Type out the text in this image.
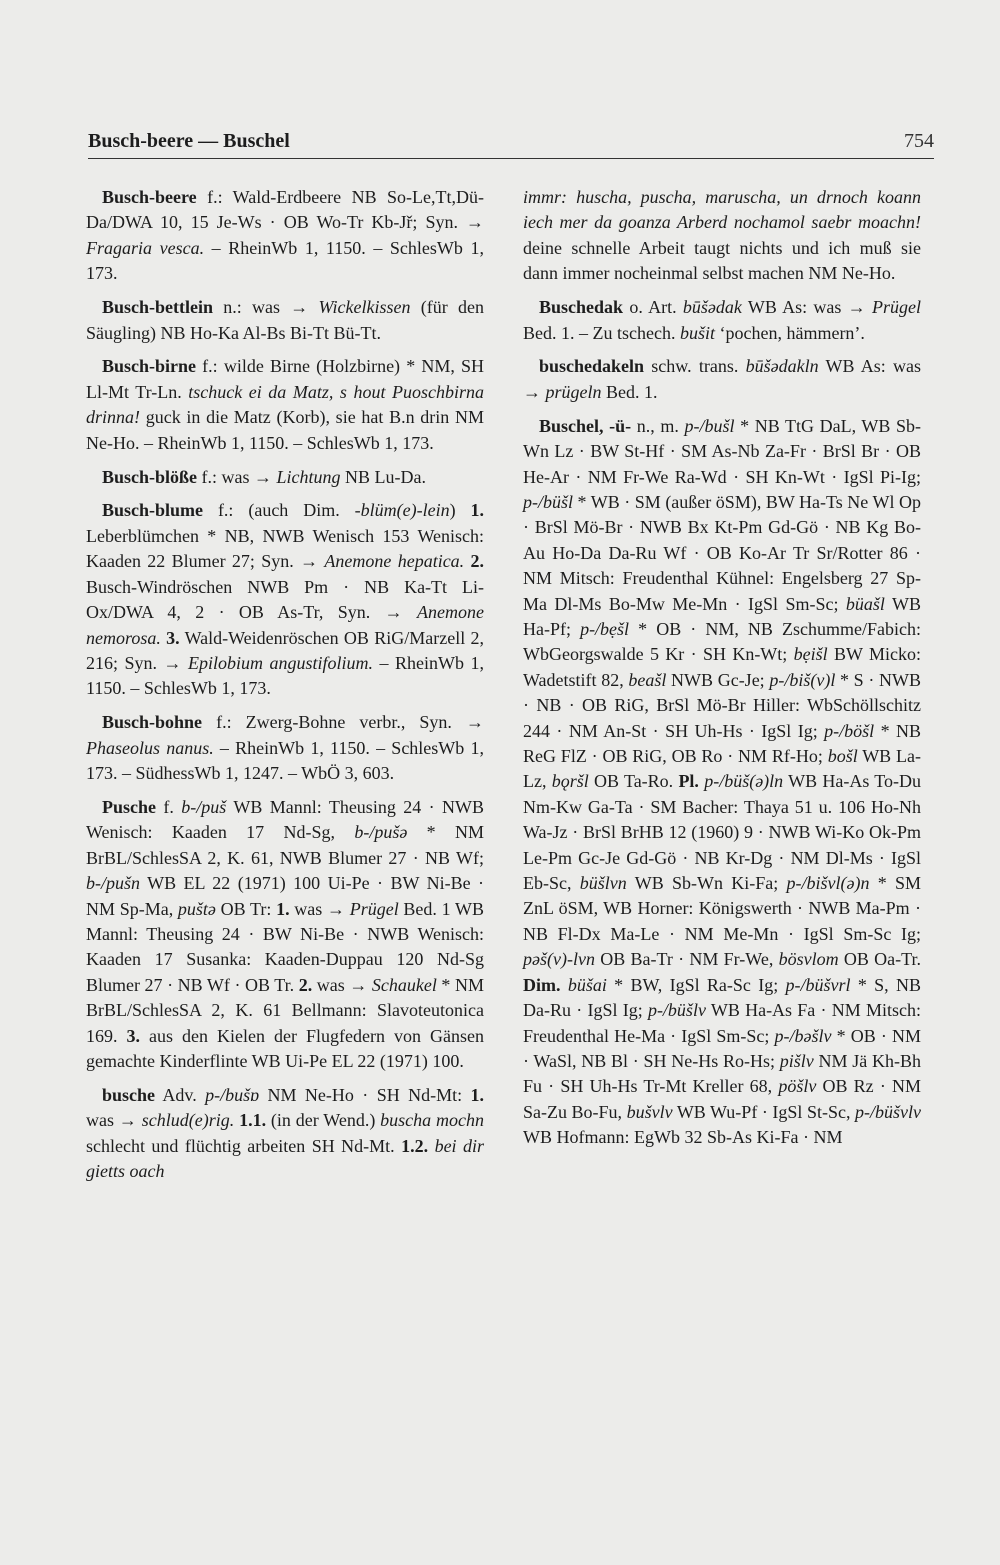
Busch-beere — Buschel	754

Busch-beere f.: Wald-Erdbeere NB So-Le,Tt,Dü-Da/DWA 10, 15 Je-Ws · OB Wo-Tr Kb-Jř; Syn. → Fragaria vesca. – RheinWb 1, 1150. – SchlesWb 1, 173.

Busch-bettlein n.: was → Wickelkissen (für den Säugling) NB Ho-Ka Al-Bs Bi-Tt Bü-Tt.

Busch-birne f.: wilde Birne (Holzbirne) * NM, SH Ll-Mt Tr-Ln. tschuck ei da Matz, s hout Puoschbirna drinna! guck in die Matz (Korb), sie hat B.n drin NM Ne-Ho. – RheinWb 1, 1150. – SchlesWb 1, 173.

Busch-blöße f.: was → Lichtung NB Lu-Da.

Busch-blume f.: (auch Dim. -blüm(e)-lein) 1. Leberblümchen * NB, NWB Wenisch 153 Wenisch: Kaaden 22 Blumer 27; Syn. → Anemone hepatica. 2. Busch-Windröschen NWB Pm · NB Ka-Tt Li-Ox/DWA 4, 2 · OB As-Tr, Syn. → Anemone nemorosa. 3. Wald-Weidenröschen OB RiG/Marzell 2, 216; Syn. → Epilobium angustifolium. – RheinWb 1, 1150. – SchlesWb 1, 173.

Busch-bohne f.: Zwerg-Bohne verbr., Syn. → Phaseolus nanus. – RheinWb 1, 1150. – SchlesWb 1, 173. – SüdhessWb 1, 1247. – WbÖ 3, 603.

Pusche f. b-/puš WB Mannl: Theusing 24 · NWB Wenisch: Kaaden 17 Nd-Sg, b-/pušə * NM BrBL/SchlesSA 2, K. 61, NWB Blumer 27 · NB Wf; b-/pušn WB EL 22 (1971) 100 Ui-Pe · BW Ni-Be · NM Sp-Ma, puštə OB Tr: 1. was → Prügel Bed. 1 WB Mannl: Theusing 24 · BW Ni-Be · NWB Wenisch: Kaaden 17 Susanka: Kaaden-Duppau 120 Nd-Sg Blumer 27 · NB Wf · OB Tr. 2. was → Schaukel * NM BrBL/SchlesSA 2, K. 61 Bellmann: Slavoteutonica 169. 3. aus den Kielen der Flugfedern von Gänsen gemachte Kinderflinte WB Ui-Pe EL 22 (1971) 100.

busche Adv. p-/bušɒ NM Ne-Ho · SH Nd-Mt: 1. was → schlud(e)rig. 1.1. (in der Wend.) buscha mochn schlecht und flüchtig arbeiten SH Nd-Mt. 1.2. bei dir gietts oach

immr: huscha, puscha, maruscha, un drnoch koann iech mer da goanza Arberd nochamol saebr moachn! deine schnelle Arbeit taugt nichts und ich muß sie dann immer nocheinmal selbst machen NM Ne-Ho.

Buschedak o. Art. būšədak WB As: was → Prügel Bed. 1. – Zu tschech. bušit ‘pochen, hämmern’.

buschedakeln schw. trans. būšədakln WB As: was → prügeln Bed. 1.

Buschel, -ü- n., m. p-/bušl * NB TtG DaL, WB Sb-Wn Lz · BW St-Hf · SM As-Nb Za-Fr · BrSl Br · OB He-Ar · NM Fr-We Ra-Wd · SH Kn-Wt · IgSl Pi-Ig; p-/büšl * WB · SM (außer öSM), BW Ha-Ts Ne Wl Op · BrSl Mö-Br · NWB Bx Kt-Pm Gd-Gö · NB Kg Bo-Au Ho-Da Da-Ru Wf · OB Ko-Ar Tr Sr/Rotter 86 · NM Mitsch: Freudenthal Kühnel: Engelsberg 27 Sp-Ma Dl-Ms Bo-Mw Me-Mn · IgSl Sm-Sc; büašl WB Ha-Pf; p-/bẹšl * OB · NM, NB Zschumme/Fabich: WbGeorgswalde 5 Kr · SH Kn-Wt; bẹišl BW Micko: Wadetstift 82, beašl NWB Gc-Je; p-/biš(v)l * S · NWB · NB · OB RiG, BrSl Mö-Br Hiller: WbSchöllschitz 244 · NM An-St · SH Uh-Hs · IgSl Ig; p-/böšl * NB ReG FlZ · OB RiG, OB Ro · NM Rf-Ho; bošl WB La-Lz, bǫršl OB Ta-Ro. Pl. p-/büš(ə)ln WB Ha-As To-Du Nm-Kw Ga-Ta · SM Bacher: Thaya 51 u. 106 Ho-Nh Wa-Jz · BrSl BrHB 12 (1960) 9 · NWB Wi-Ko Ok-Pm Le-Pm Gc-Je Gd-Gö · NB Kr-Dg · NM Dl-Ms · IgSl Eb-Sc, büšlvn WB Sb-Wn Ki-Fa; p-/bišvl(ə)n * SM ZnL öSM, WB Horner: Königswerth · NWB Ma-Pm · NB Fl-Dx Ma-Le · NM Me-Mn · IgSl Sm-Sc Ig; pəš(v)-lvn OB Ba-Tr · NM Fr-We, bösvlom OB Oa-Tr. Dim. büšai * BW, IgSl Ra-Sc Ig; p-/büšvrl * S, NB Da-Ru · IgSl Ig; p-/büšlv WB Ha-As Fa · NM Mitsch: Freudenthal He-Ma · IgSl Sm-Sc; p-/bəšlv * OB · NM · WaSl, NB Bl · SH Ne-Hs Ro-Hs; pišlv NM Jä Kh-Bh Fu · SH Uh-Hs Tr-Mt Kreller 68, pöšlv OB Rz · NM Sa-Zu Bo-Fu, bušvlv WB Wu-Pf · IgSl St-Sc, p-/büšvlv WB Hofmann: EgWb 32 Sb-As Ki-Fa · NM
